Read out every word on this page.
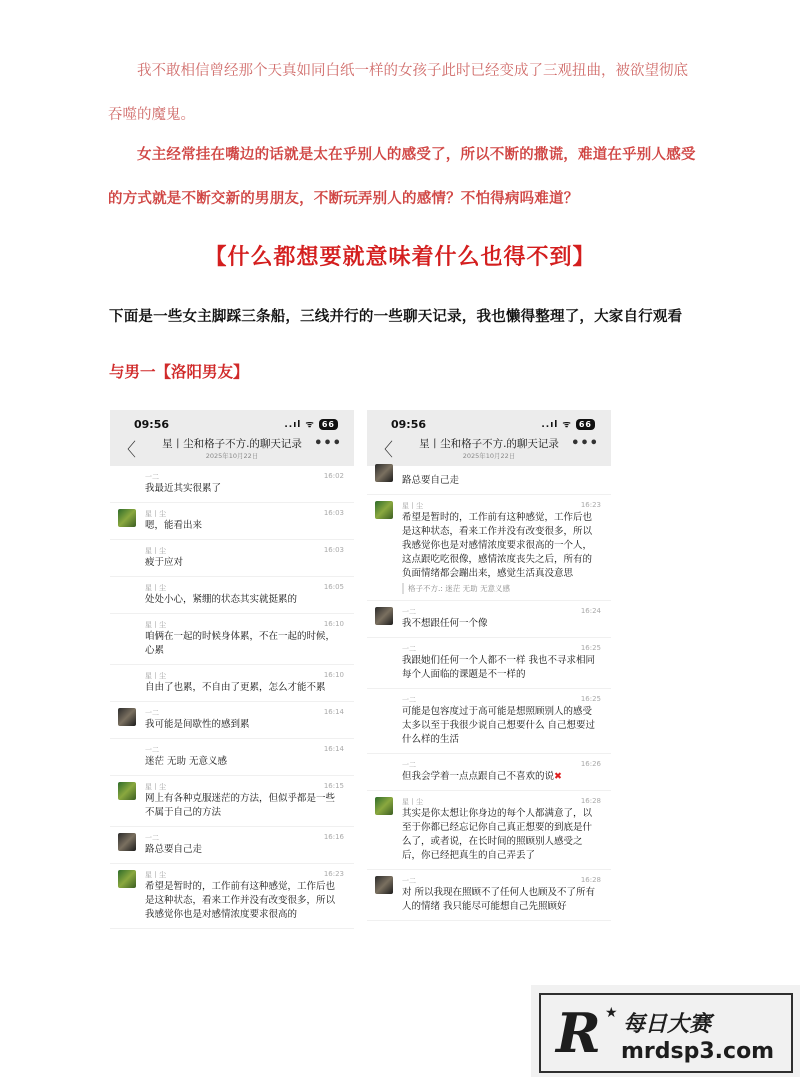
我不敢相信曾经那个天真如同白纸一样的女孩子此时已经变成了三观扭曲，被欲望彻底吞噬的魔鬼。
女主经常挂在嘴边的话就是太在乎别人的感受了，所以不断的撒谎，难道在乎别人感受的方式就是不断交新的男朋友，不断玩弄别人的感情？不怕得病吗难道？
【什么都想要就意味着什么也得不到】
下面是一些女主脚踩三条船，三线并行的一些聊天记录，我也懒得整理了，大家自行观看
与男一【洛阳男友】
09:56	..ıl ᯤ 66
〈	星丨尘和格子不方.的聊天记录
2025年10月22日
•••
一二	16:02
我最近其实很累了
星丨尘	16:03
嗯，能看出来
星丨尘	16:03
疲于应对
星丨尘	16:05
处处小心，紧绷的状态其实就挺累的
星丨尘	16:10
咱俩在一起的时候身体累，不在一起的时候，心累
星丨尘	16:10
自由了也累，不自由了更累，怎么才能不累
一二	16:14
我可能是间歇性的感到累
一二	16:14
迷茫 无助 无意义感
星丨尘	16:15
网上有各种克服迷茫的方法，但似乎都是一些不属于自己的方法
一二	16:16
路总要自己走
星丨尘	16:23
希望是暂时的，工作前有这种感觉，工作后也是这种状态，看来工作并没有改变很多，所以我感觉你也是对感情浓度要求很高的
09:56	..ıl ᯤ 66
〈	星丨尘和格子不方.的聊天记录
2025年10月22日
•••
路总要自己走
星丨尘	16:23
希望是暂时的，工作前有这种感觉，工作后也是这种状态，看来工作并没有改变很多，所以我感觉你也是对感情浓度要求很高的一个人，这点跟吃吃很像，感情浓度丧失之后，所有的负面情绪都会蹦出来，感觉生活真没意思
格子不方.: 迷茫 无助 无意义感
一二	16:24
我不想跟任何一个像
一二	16:25
我跟她们任何一个人都不一样 我也不寻求相同 每个人面临的课题是不一样的
一二	16:25
可能是包容度过于高可能是想照顾别人的感受太多以至于我很少说自己想要什么 自己想要过什么样的生活
一二	16:26
但我会学着一点点跟自己不喜欢的说✖
星丨尘	16:28
其实是你太想让你身边的每个人都满意了，以至于你都已经忘记你自己真正想要的到底是什么了，或者说，在长时间的照顾别人感受之后，你已经把真生的自己弄丢了
一二	16:28
对 所以我现在照顾不了任何人也顾及不了所有人的情绪 我只能尽可能想自己先照顾好
R ★ 每日大赛
mrdsp3.com
